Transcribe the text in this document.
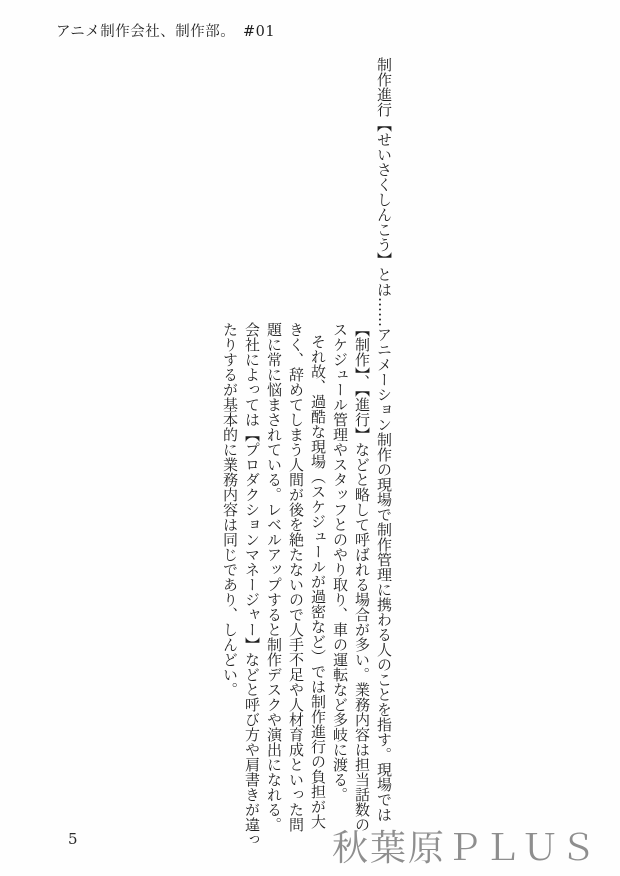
アニメ制作会社、制作部。　#01

制作進行【せいさくしんこう】とは……アニメーション制作の現場で制作管理に携わる人のことを指す。現場では

【制作】、【進行】などと略して呼ばれる場合が多い。業務内容は担当話数の

スケジュール管理やスタッフとのやり取り、車の運転など多岐に渡る。

それ故、過酷な現場（スケジュールが過密など）では制作進行の負担が大

きく、辞めてしまう人間が後を絶たないので人手不足や人材育成といった問

題に常に悩まされている。レベルアップすると制作デスクや演出になれる。

会社によっては【プロダクションマネージャー】などと呼び方や肩書きが違っ

たりするが基本的に業務内容は同じであり、しんどい。

5	秋葉原ＰＬＵＳ
